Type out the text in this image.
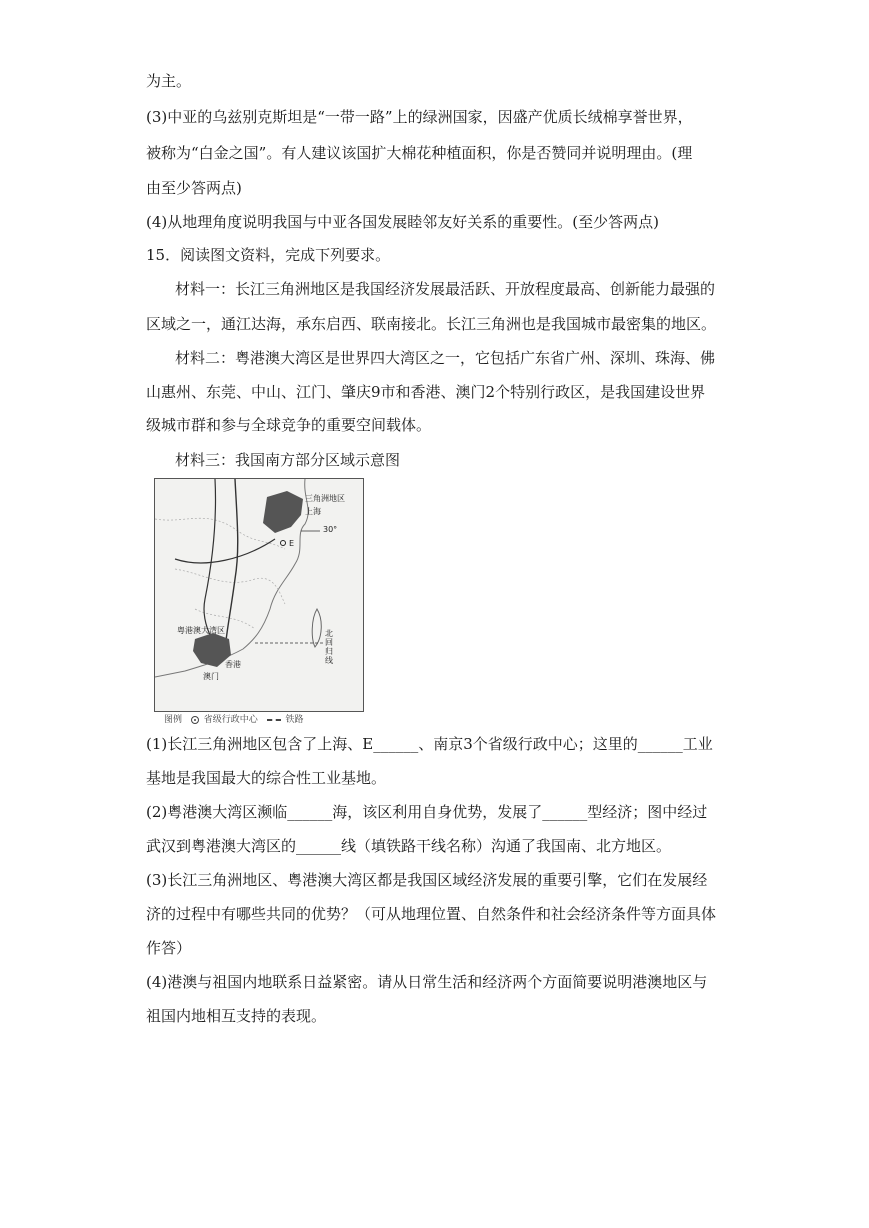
为主。
(3)中亚的乌兹别克斯坦是“一带一路”上的绿洲国家，因盛产优质长绒棉享誉世界，
被称为“白金之国”。有人建议该国扩大棉花种植面积，你是否赞同并说明理由。(理
由至少答两点)
(4)从地理角度说明我国与中亚各国发展睦邻友好关系的重要性。(至少答两点)
15．阅读图文资料，完成下列要求。
材料一：长江三角洲地区是我国经济发展最活跃、开放程度最高、创新能力最强的
区域之一，通江达海，承东启西、联南接北。长江三角洲也是我国城市最密集的地区。
材料二：粤港澳大湾区是世界四大湾区之一，它包括广东省广州、深圳、珠海、佛
山惠州、东莞、中山、江门、肇庆9市和香港、澳门2个特别行政区，是我国建设世界
级城市群和参与全球竞争的重要空间载体。
材料三：我国南方部分区域示意图
三角洲地区
上海
30°
E
粤港澳大湾区
香港
澳门
北回归线
图例 省级行政中心	铁路
(1)长江三角洲地区包含了上海、E______、南京3个省级行政中心；这里的______工业
基地是我国最大的综合性工业基地。
(2)粤港澳大湾区濒临______海，该区利用自身优势，发展了______型经济；图中经过
武汉到粤港澳大湾区的______线（填铁路干线名称）沟通了我国南、北方地区。
(3)长江三角洲地区、粤港澳大湾区都是我国区域经济发展的重要引擎，它们在发展经
济的过程中有哪些共同的优势？（可从地理位置、自然条件和社会经济条件等方面具体
作答）
(4)港澳与祖国内地联系日益紧密。请从日常生活和经济两个方面简要说明港澳地区与
祖国内地相互支持的表现。
